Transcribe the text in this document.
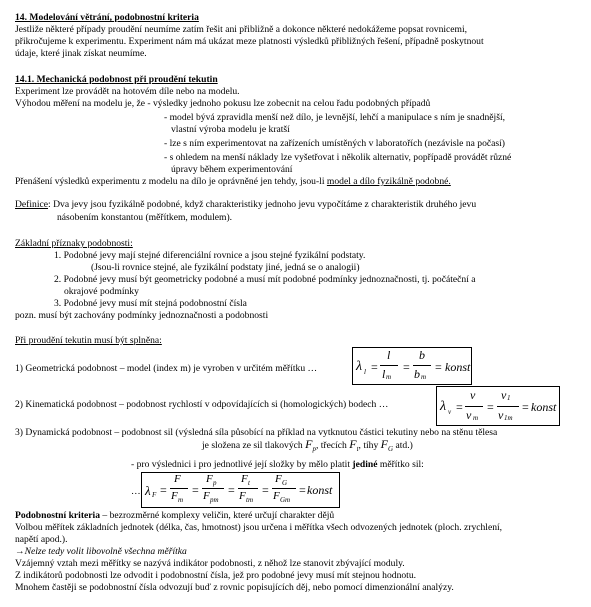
14. Modelování větrání, podobnostní kriteria
Jestliže některé případy proudění neumíme zatím řešit ani přibližně a dokonce některé nedokážeme popsat rovnicemi,
přikročujeme k experimentu. Experiment nám má ukázat meze platnosti výsledků přibližných řešení, případně poskytnout
údaje, které jinak získat neumíme.
14.1. Mechanická podobnost při proudění tekutin
Experiment lze provádět na hotovém díle nebo na modelu.
Výhodou měření na modelu je, že - výsledky jednoho pokusu lze zobecnit na celou řadu podobných případů
- model bývá zpravidla menší než dílo, je levnější, lehčí a manipulace s ním je snadnější,
vlastní výroba modelu je kratší
- lze s ním experimentovat na zařízeních umístěných v laboratořích (nezávisle na počasí)
- s ohledem na menší náklady lze vyšetřovat i několik alternativ, popřípadě provádět různé
úpravy během experimentování
Přenášení výsledků experimentu z modelu na dílo je oprávněné jen tehdy, jsou-li model a dílo fyzikálně podobné.
Definice: Dva jevy jsou fyzikálně podobné, když charakteristiky jednoho jevu vypočítáme z charakteristik druhého jevu
násobením konstantou (měřítkem, modulem).
Základní příznaky podobnosti:
1. Podobné jevy mají stejné diferenciální rovnice a jsou stejné fyzikální podstaty.
(Jsou-li rovnice stejné, ale fyzikální podstaty jiné, jedná se o analogii)
2. Podobné jevy musí být geometricky podobné a musí mít podobné podmínky jednoznačnosti, tj. počáteční a
okrajové podmínky
3. Podobné jevy musí mít stejná podobnostní čísla
pozn. musí být zachovány podmínky jednoznačnosti a podobnosti
Při proudění tekutin musí být splněna:
1) Geometrická podobnost – model (index m) je vyroben v určitém měřítku …	λ l =
l
l m
=
b
b m
= konst
2) Kinematická podobnost – podobnost rychlostí v odpovídajících si (homologických) bodech …	λ v =
v
v m
=
v 1
v 1m
= konst
3) Dynamická podobnost – podobnost sil (výsledná síla působící na příklad na vytknutou částici tekutiny nebo na stěnu tělesa
je složena ze sil tlakových $F_p$, třecích $F_t$, tíhy $F_G$ atd.)
- pro výslednici i pro jednotlivé její složky by mělo platit jediné měřítko sil:
… λ F =
F
F m
=
F p
F pm
=
F t
F tm
=
F G
F Gm
= konst
Podobnostní kriteria – bezrozměrné komplexy veličin, které určují charakter dějů
Volbou měřítek základních jednotek (délka, čas, hmotnost) jsou určena i měřítka všech odvozených jednotek (ploch. zrychlení,
napětí apod.).
→Nelze tedy volit libovolně všechna měřítka
Vzájemný vztah mezi měřítky se nazývá indikátor podobnosti, z něhož lze stanovit zbývající moduly.
Z indikátorů podobnosti lze odvodit i podobnostní čísla, jež pro podobné jevy musí mít stejnou hodnotu.
Mnohem častěji se podobnostní čísla odvozují buď z rovnic popisujících děj, nebo pomocí dimenzionální analýzy.
